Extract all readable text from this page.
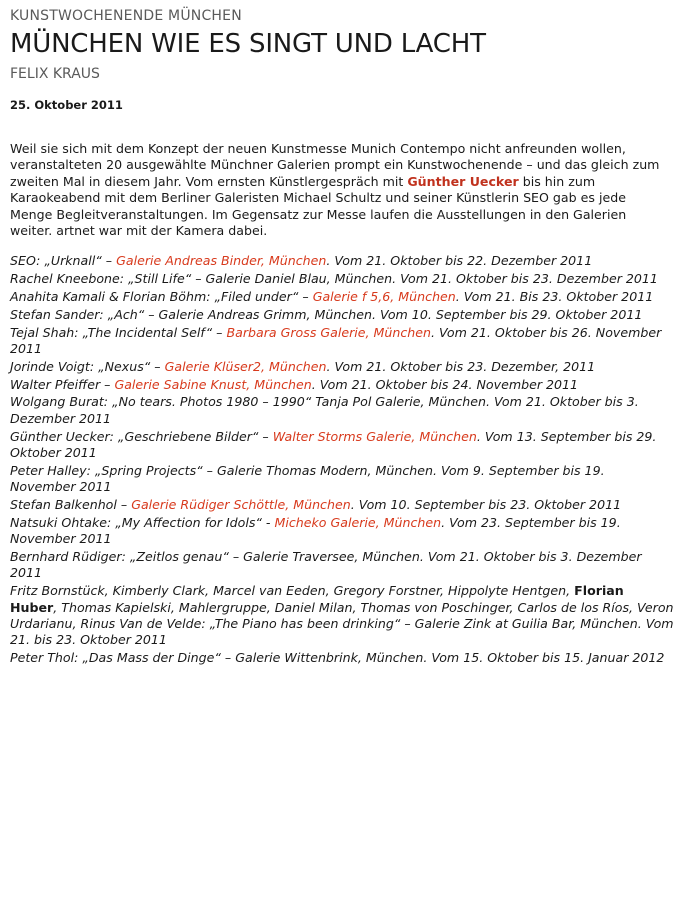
KUNSTWOCHENENDE MÜNCHEN
MÜNCHEN WIE ES SINGT UND LACHT
FELIX KRAUS
25. Oktober 2011

Weil sie sich mit dem Konzept der neuen Kunstmesse Munich Contempo nicht anfreunden wollen, veranstalteten 20 ausgewählte Münchner Galerien prompt ein Kunstwochenende – und das gleich zum zweiten Mal in diesem Jahr. Vom ernsten Künstlergespräch mit Günther Uecker bis hin zum Karaokeabend mit dem Berliner Galeristen Michael Schultz und seiner Künstlerin SEO gab es jede Menge Begleitveranstaltungen. Im Gegensatz zur Messe laufen die Ausstellungen in den Galerien weiter. artnet war mit der Kamera dabei.

SEO: „Urknall“ – Galerie Andreas Binder, München. Vom 21. Oktober bis 22. Dezember 2011
Rachel Kneebone: „Still Life“ – Galerie Daniel Blau, München. Vom 21. Oktober bis 23. Dezember 2011
Anahita Kamali & Florian Böhm: „Filed under“ – Galerie f 5,6, München. Vom 21. Bis 23. Oktober 2011
Stefan Sander: „Ach“ – Galerie Andreas Grimm, München. Vom 10. September bis 29. Oktober 2011
Tejal Shah: „The Incidental Self“ – Barbara Gross Galerie, München. Vom 21. Oktober bis 26. November 2011
Jorinde Voigt: „Nexus“ – Galerie Klüser2, München. Vom 21. Oktober bis 23. Dezember, 2011
Walter Pfeiffer – Galerie Sabine Knust, München. Vom 21. Oktober bis 24. November 2011
Wolgang Burat: „No tears. Photos 1980 – 1990“ Tanja Pol Galerie, München. Vom 21. Oktober bis 3. Dezember 2011
Günther Uecker: „Geschriebene Bilder“ – Walter Storms Galerie, München. Vom 13. September bis 29. Oktober 2011
Peter Halley: „Spring Projects“ – Galerie Thomas Modern, München. Vom 9. September bis 19. November 2011
Stefan Balkenhol – Galerie Rüdiger Schöttle, München. Vom 10. September bis 23. Oktober 2011
Natsuki Ohtake: „My Affection for Idols“ - Micheko Galerie, München. Vom 23. September bis 19. November 2011
Bernhard Rüdiger: „Zeitlos genau“ – Galerie Traversee, München. Vom 21. Oktober bis 3. Dezember 2011
Fritz Bornstück, Kimberly Clark, Marcel van Eeden, Gregory Forstner, Hippolyte Hentgen, Florian Huber, Thomas Kapielski, Mahlergruppe, Daniel Milan, Thomas von Poschinger, Carlos de los Ríos, Veron Urdarianu, Rinus Van de Velde: „The Piano has been drinking“ – Galerie Zink at Guilia Bar, München. Vom 21. bis 23. Oktober 2011
Peter Thol: „Das Mass der Dinge“ – Galerie Wittenbrink, München. Vom 15. Oktober bis 15. Januar 2012
